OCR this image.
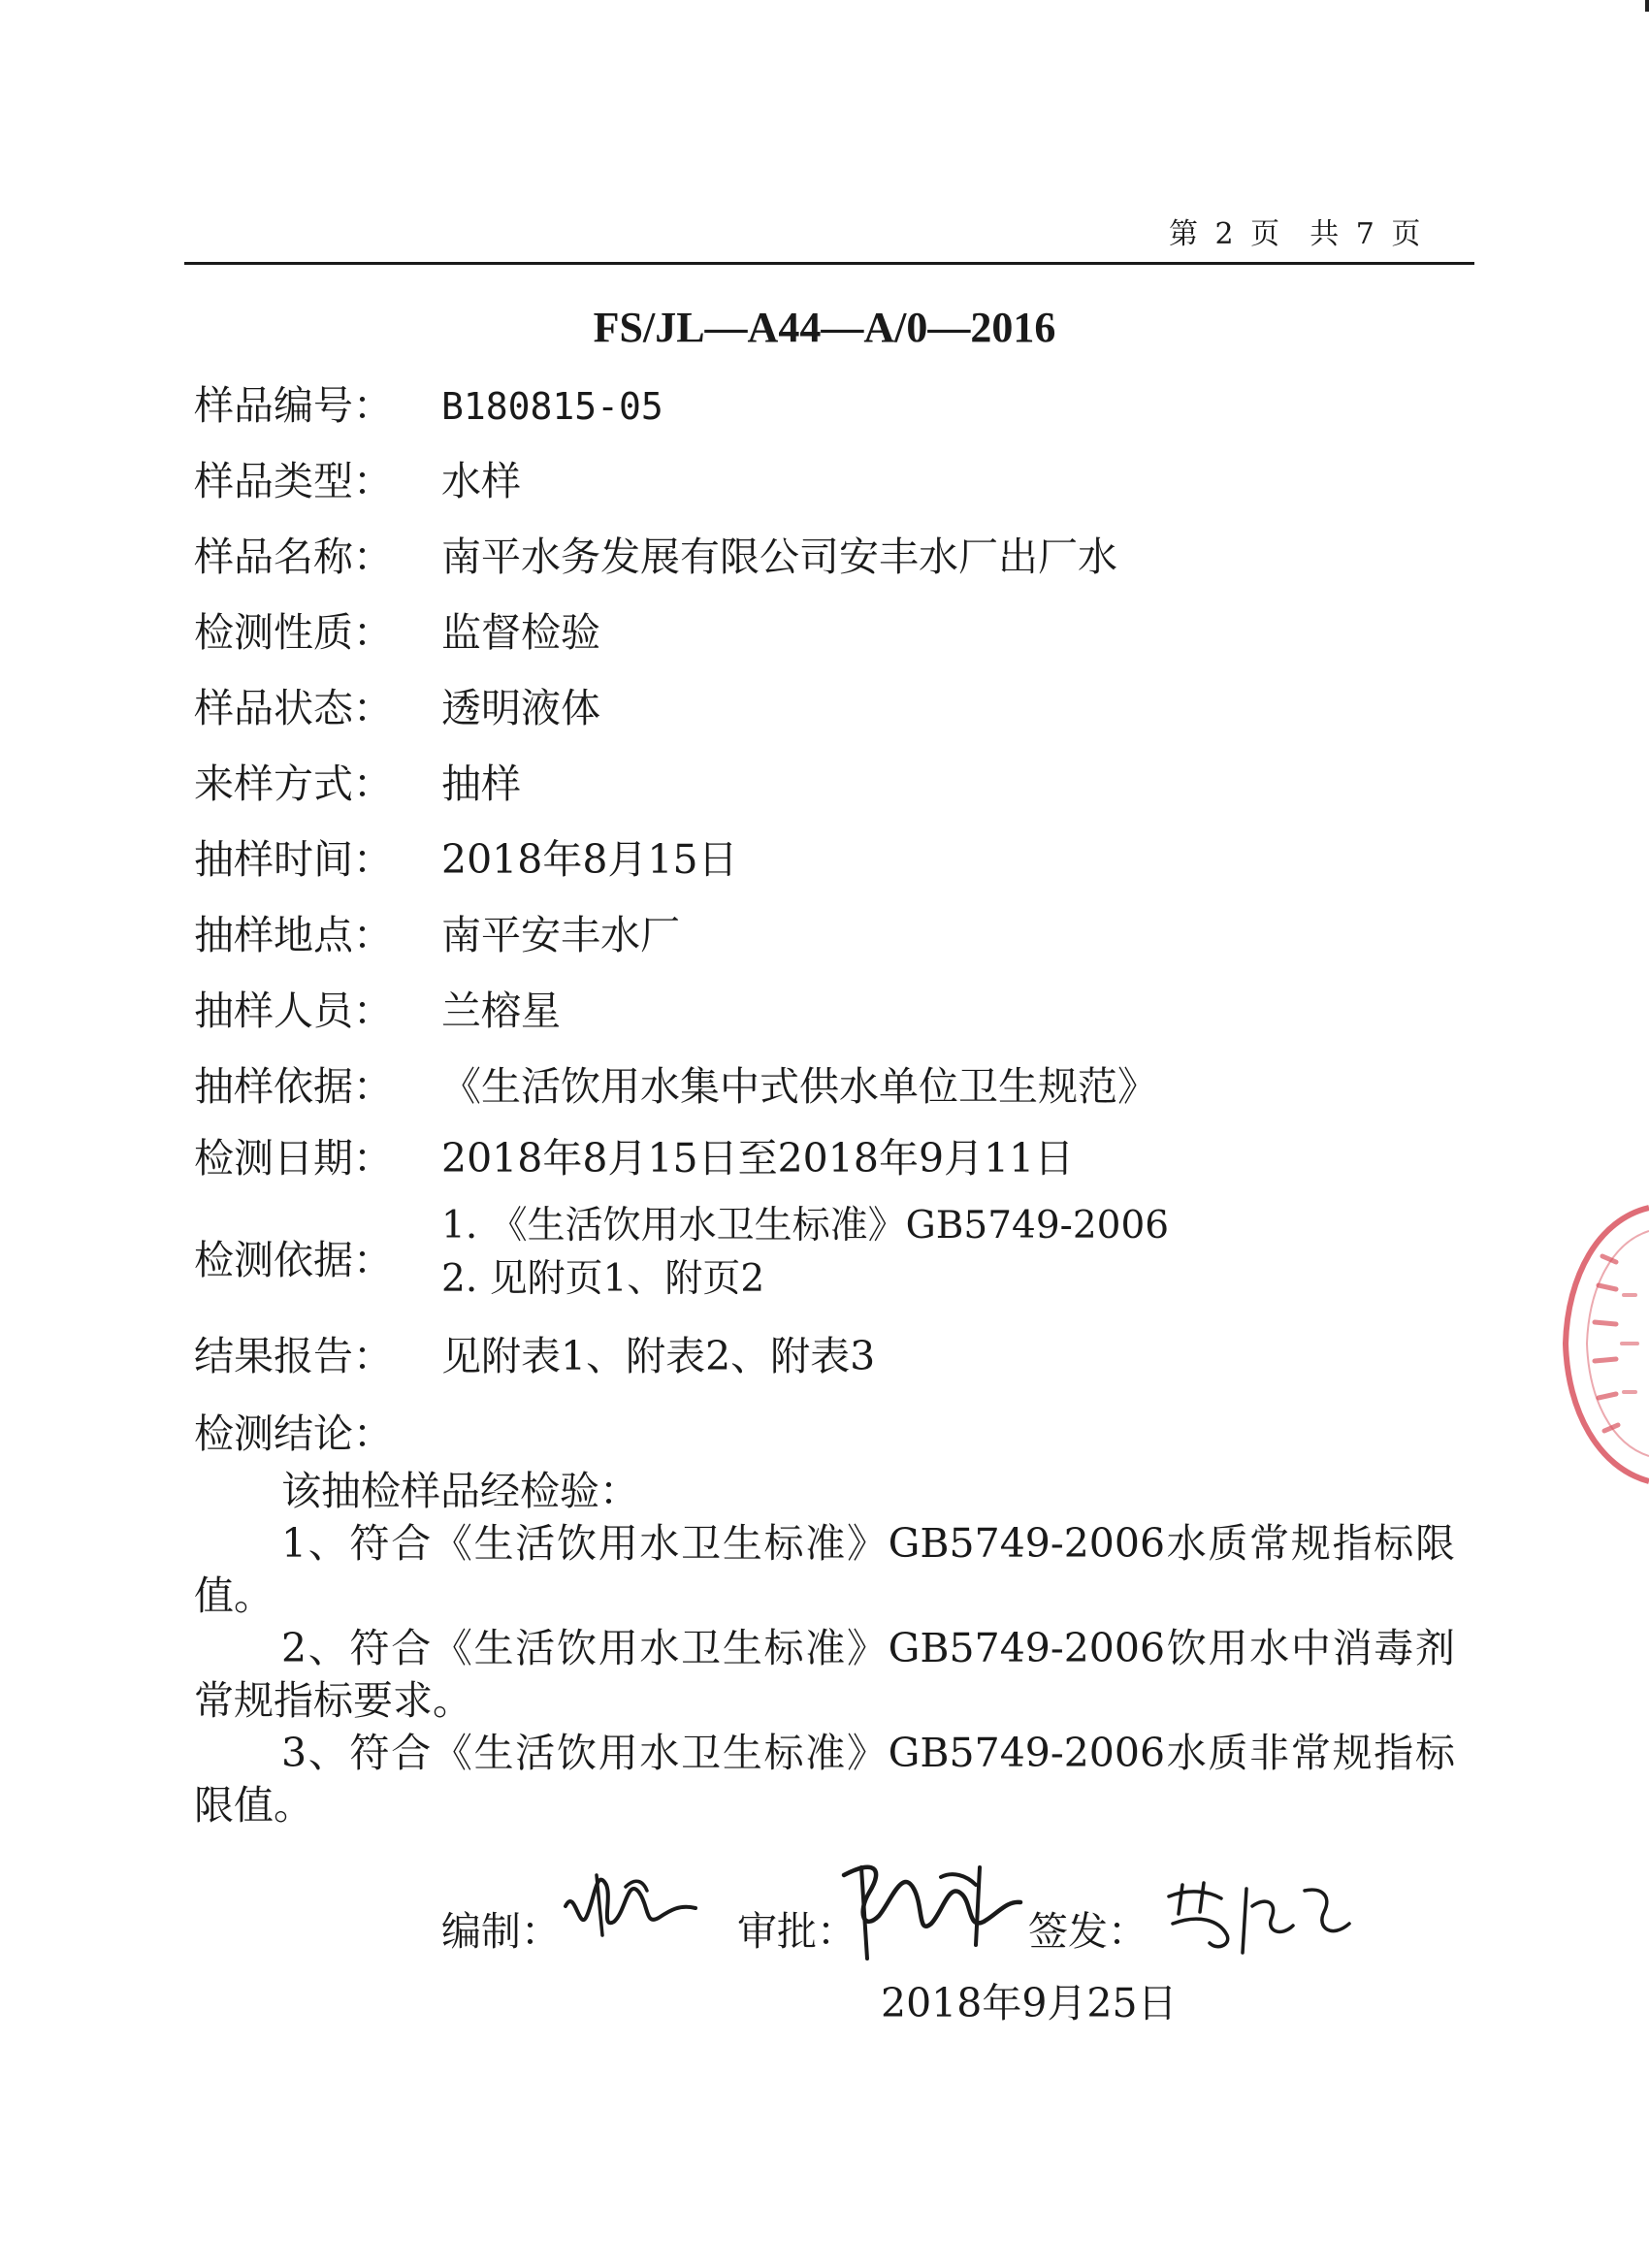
第 2 页  共 7 页
FS/JL—A44—A/0—2016
样品编号： B180815-05
样品类型： 水样
样品名称： 南平水务发展有限公司安丰水厂出厂水
检测性质： 监督检验
样品状态： 透明液体
来样方式： 抽样
抽样时间： 2018年8月15日
抽样地点： 南平安丰水厂
抽样人员： 兰榕星
抽样依据： 《生活饮用水集中式供水单位卫生规范》
检测日期： 2018年8月15日至2018年9月11日
检测依据：
1. 《生活饮用水卫生标准》GB5749-2006
2. 见附页1、附页2
结果报告： 见附表1、附表2、附表3
检测结论：

该抽检样品经检验：

1、符合《生活饮用水卫生标准》GB5749-2006水质常规指标限值。

2、符合《生活饮用水卫生标准》GB5749-2006饮用水中消毒剂常规指标要求。

3、符合《生活饮用水卫生标准》GB5749-2006水质非常规指标限值。

编制：	审批：	签发：
2018年9月25日
